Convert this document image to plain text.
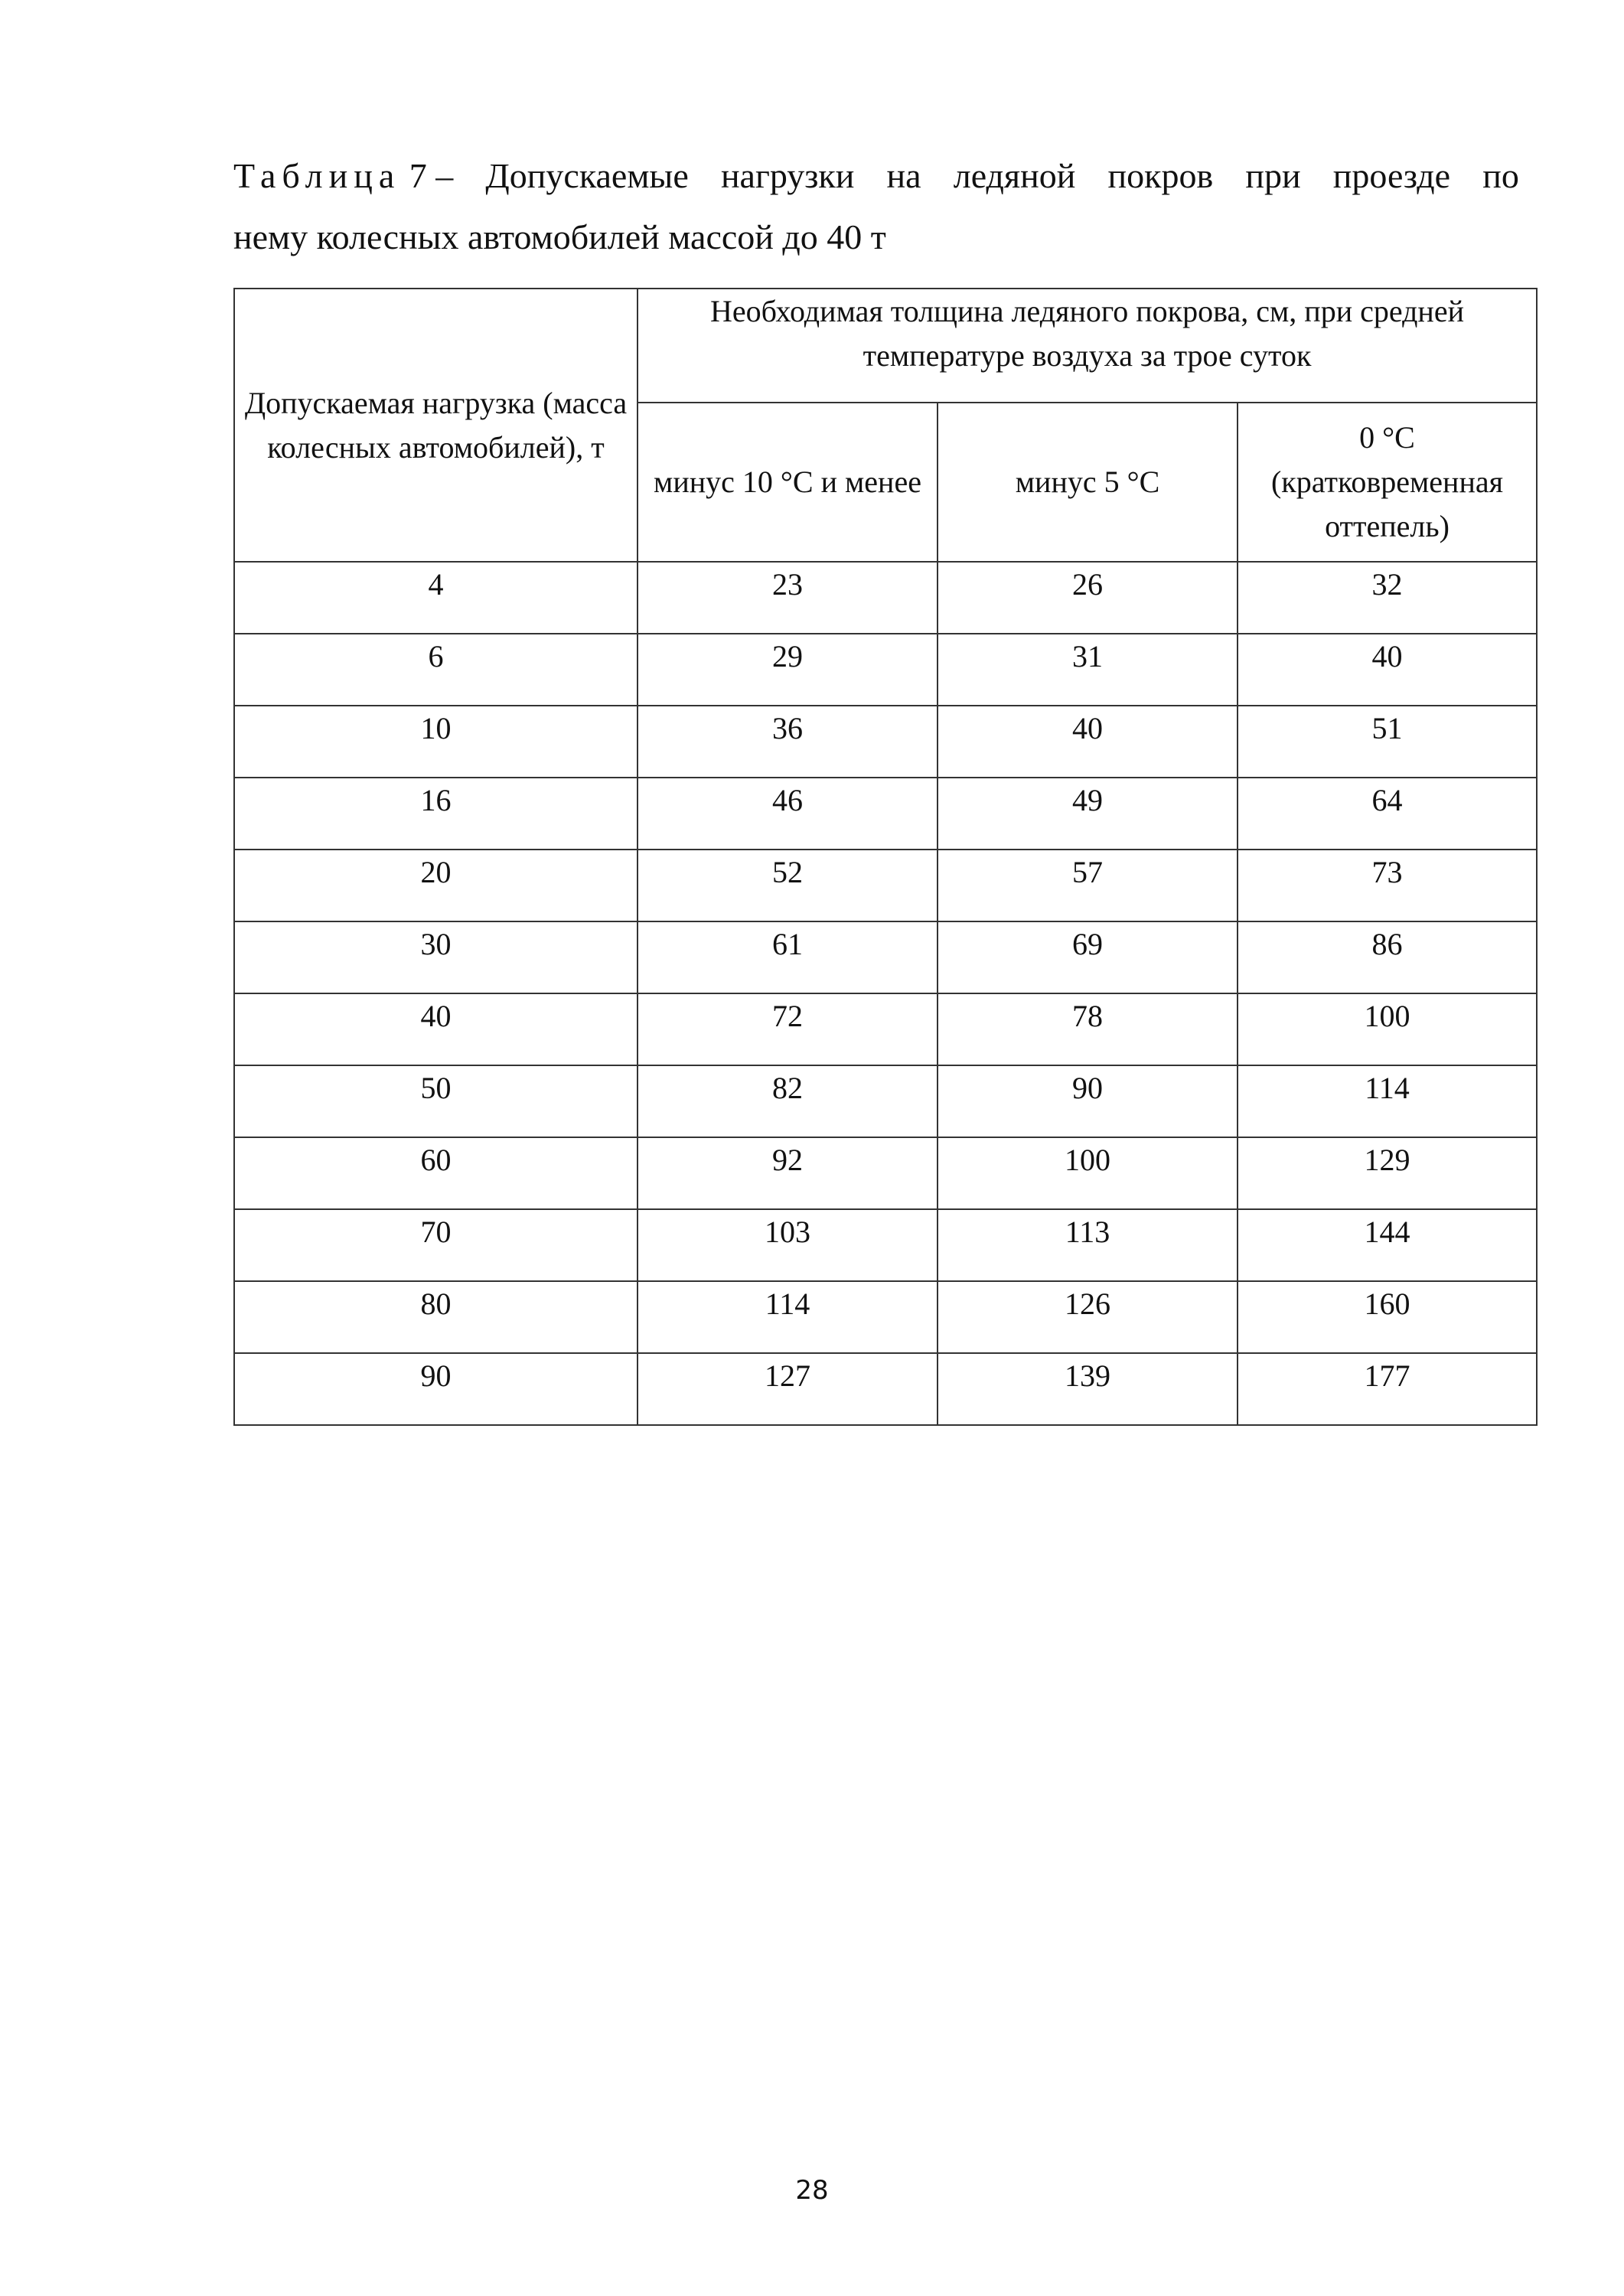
Таблица 7 – Допускаемые нагрузки на ледяной покров при проезде по
нему колесных автомобилей массой до 40 т
Допускаемая нагрузка (масса колесных автомобилей), т	Необходимая толщина ледяного покрова, см, при средней температуре воздуха за трое суток		
	минус 10 °С и менее	минус 5 °С	0 °С (кратковременная оттепель)
4	23	26	32
6	29	31	40
10	36	40	51
16	46	49	64
20	52	57	73
30	61	69	86
40	72	78	100
50	82	90	114
60	92	100	129
70	103	113	144
80	114	126	160
90	127	139	177
28
